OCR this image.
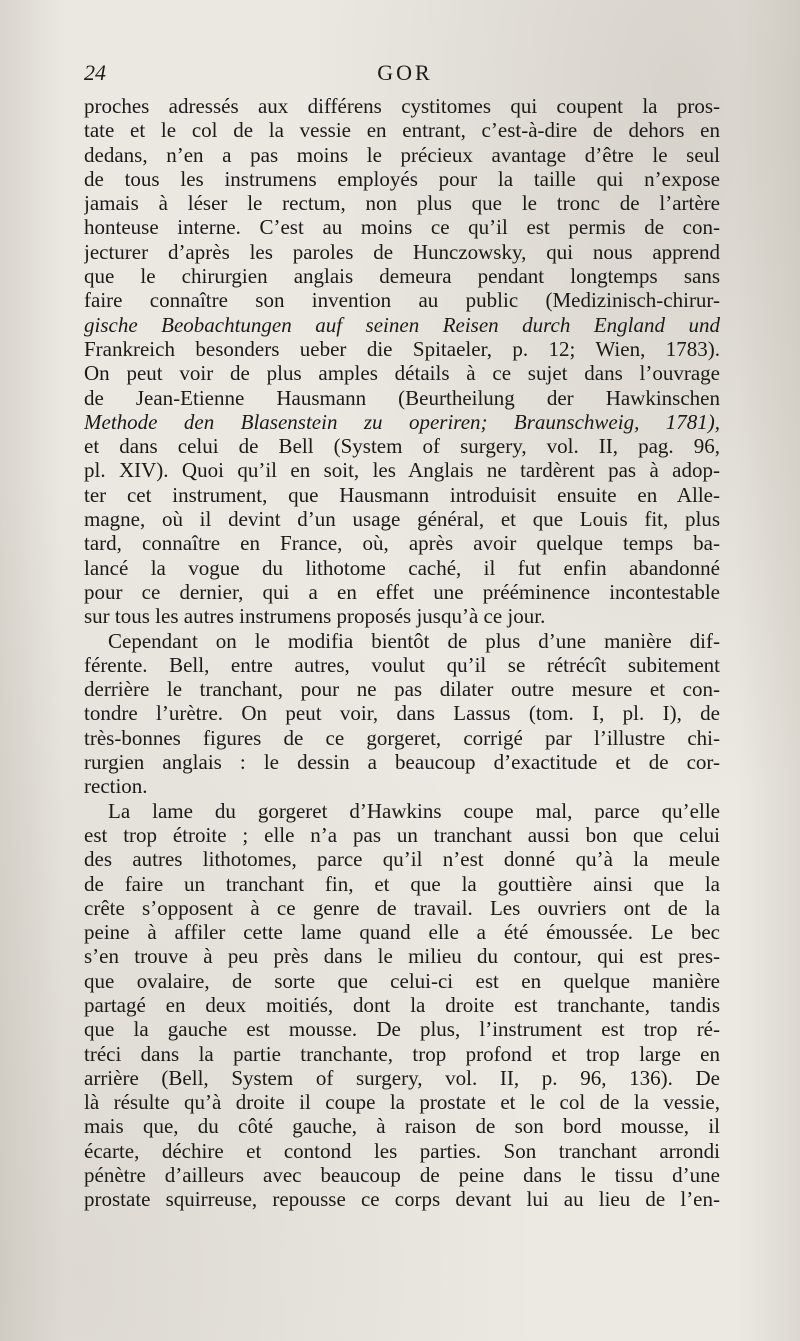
24	GOR
proches adressés aux différens cystitomes qui coupent la pros-
tate et le col de la vessie en entrant, c’est-à-dire de dehors en
dedans, n’en a pas moins le précieux avantage d’être le seul
de tous les instrumens employés pour la taille qui n’expose
jamais à léser le rectum, non plus que le tronc de l’artère
honteuse interne. C’est au moins ce qu’il est permis de con-
jecturer d’après les paroles de Hunczowsky, qui nous apprend
que le chirurgien anglais demeura pendant longtemps sans
faire connaître son invention au public (Medizinisch-chirur-
gische Beobachtungen auf seinen Reisen durch England und
Frankreich besonders ueber die Spitaeler, p. 12; Wien, 1783).
On peut voir de plus amples détails à ce sujet dans l’ouvrage
de Jean-Etienne Hausmann (Beurtheilung der Hawkinschen
Methode den Blasenstein zu operiren; Braunschweig, 1781),
et dans celui de Bell (System of surgery, vol. II, pag. 96,
pl. XIV). Quoi qu’il en soit, les Anglais ne tardèrent pas à adop-
ter cet instrument, que Hausmann introduisit ensuite en Alle-
magne, où il devint d’un usage général, et que Louis fit, plus
tard, connaître en France, où, après avoir quelque temps ba-
lancé la vogue du lithotome caché, il fut enfin abandonné
pour ce dernier, qui a en effet une prééminence incontestable
sur tous les autres instrumens proposés jusqu’à ce jour.
Cependant on le modifia bientôt de plus d’une manière dif-
férente. Bell, entre autres, voulut qu’il se rétrécît subitement
derrière le tranchant, pour ne pas dilater outre mesure et con-
tondre l’urètre. On peut voir, dans Lassus (tom. I, pl. I), de
très-bonnes figures de ce gorgeret, corrigé par l’illustre chi-
rurgien anglais : le dessin a beaucoup d’exactitude et de cor-
rection.
La lame du gorgeret d’Hawkins coupe mal, parce qu’elle
est trop étroite ; elle n’a pas un tranchant aussi bon que celui
des autres lithotomes, parce qu’il n’est donné qu’à la meule
de faire un tranchant fin, et que la gouttière ainsi que la
crête s’opposent à ce genre de travail. Les ouvriers ont de la
peine à affiler cette lame quand elle a été émoussée. Le bec
s’en trouve à peu près dans le milieu du contour, qui est pres-
que ovalaire, de sorte que celui-ci est en quelque manière
partagé en deux moitiés, dont la droite est tranchante, tandis
que la gauche est mousse. De plus, l’instrument est trop ré-
tréci dans la partie tranchante, trop profond et trop large en
arrière (Bell, System of surgery, vol. II, p. 96, 136). De
là résulte qu’à droite il coupe la prostate et le col de la vessie,
mais que, du côté gauche, à raison de son bord mousse, il
écarte, déchire et contond les parties. Son tranchant arrondi
pénètre d’ailleurs avec beaucoup de peine dans le tissu d’une
prostate squirreuse, repousse ce corps devant lui au lieu de l’en-
